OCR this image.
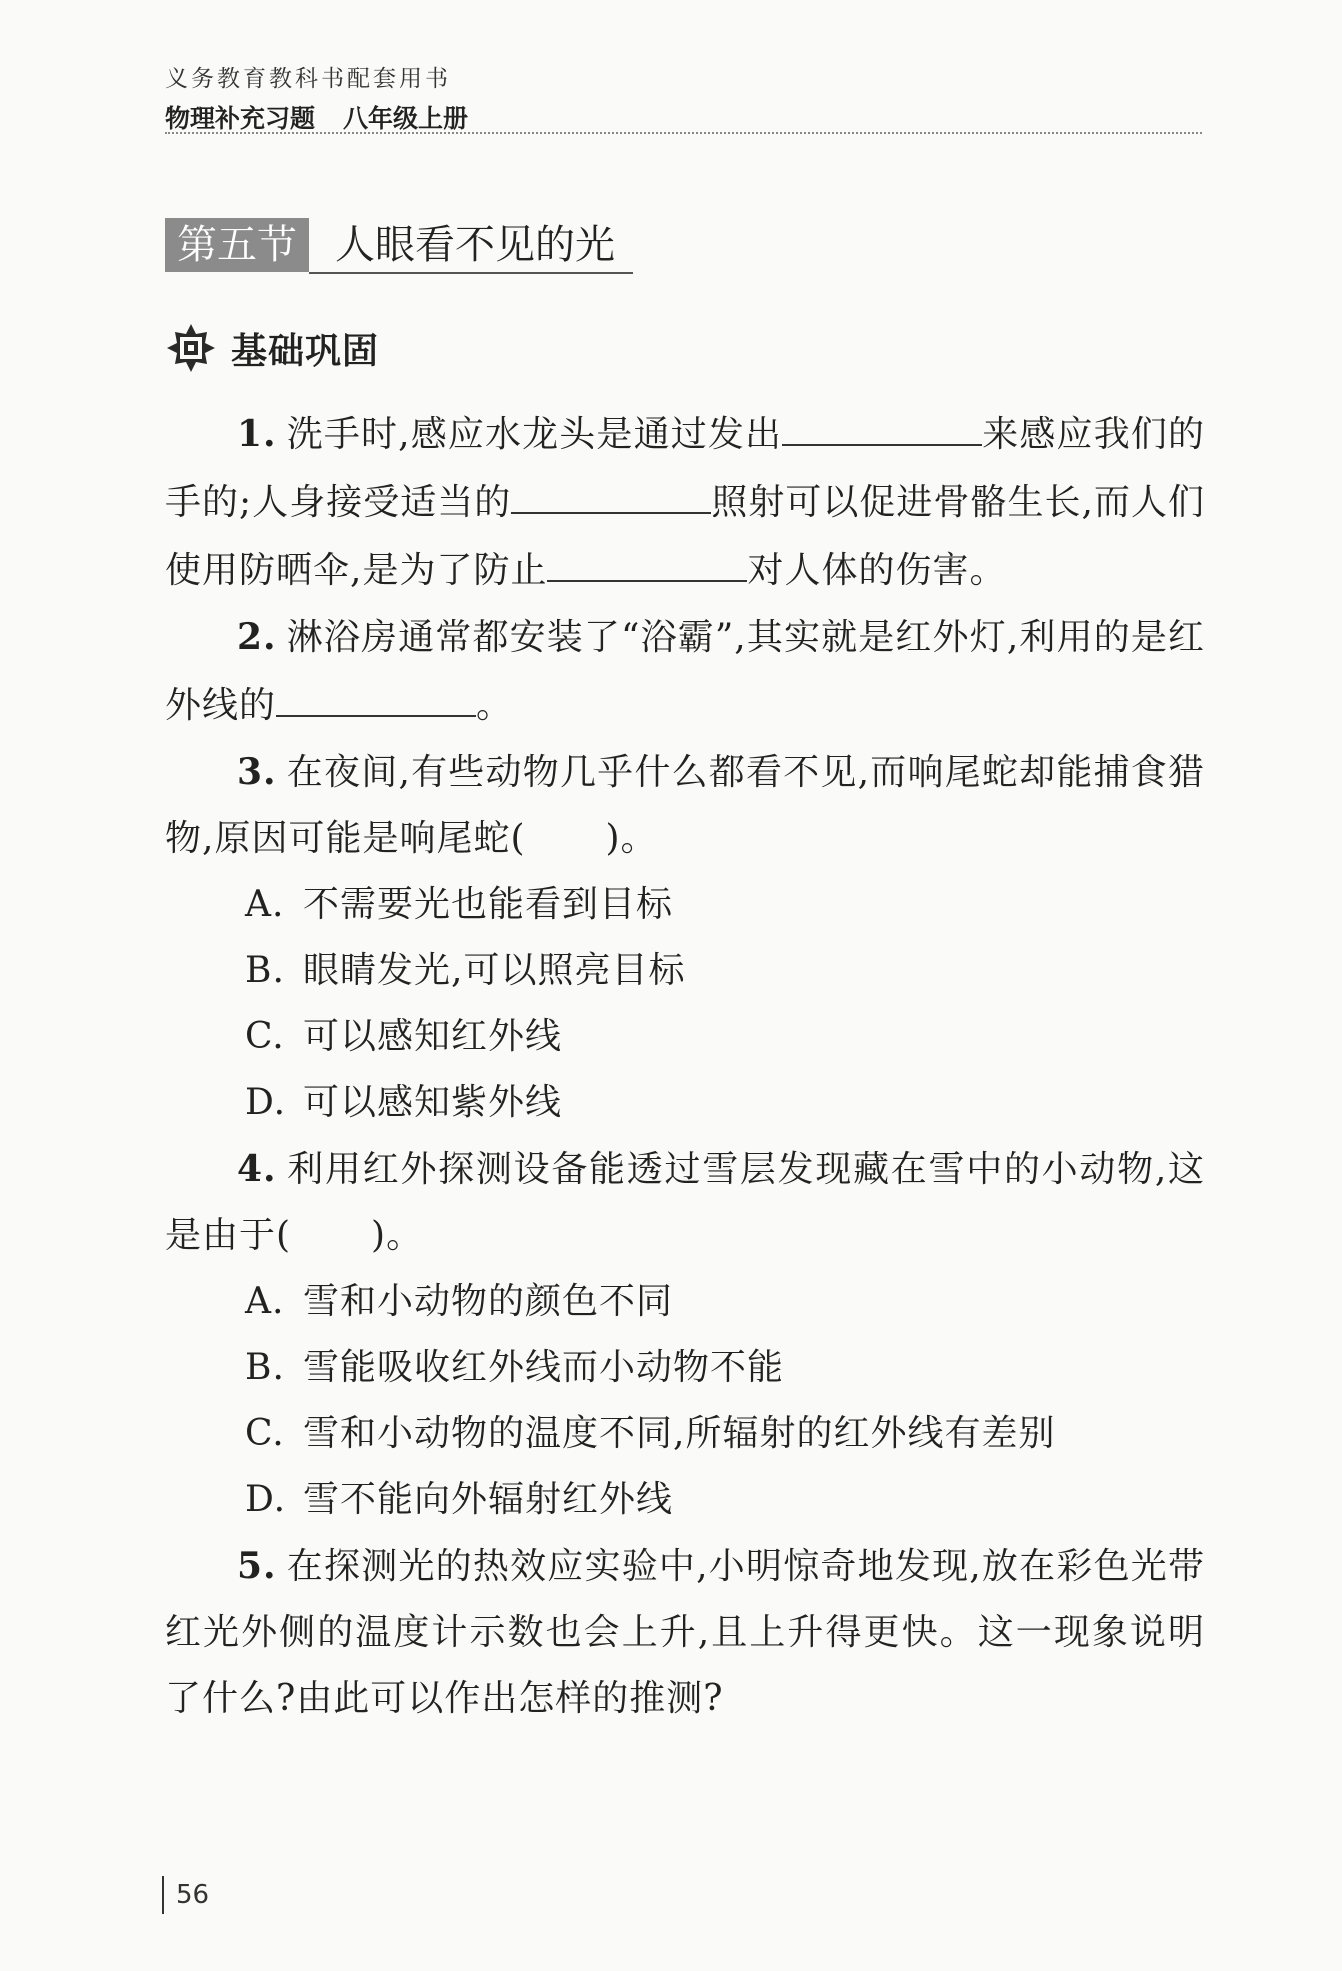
义务教育教科书配套用书
物理补充习题 八年级上册
第五节 人眼看不见的光
基础巩固

1. 洗手时,感应水龙头是通过发出	来感应我们的手的;人身接受适当的	照射可以促进骨骼生长,而人们使用防晒伞,是为了防止	对人体的伤害。

2. 淋浴房通常都安装了“浴霸”,其实就是红外灯,利用的是红外线的	。

3. 在夜间,有些动物几乎什么都看不见,而响尾蛇却能捕食猎物,原因可能是响尾蛇( )。

A. 不需要光也能看到目标

B. 眼睛发光,可以照亮目标

C. 可以感知红外线

D. 可以感知紫外线

4. 利用红外探测设备能透过雪层发现藏在雪中的小动物,这是由于( )。

A. 雪和小动物的颜色不同

B. 雪能吸收红外线而小动物不能

C. 雪和小动物的温度不同,所辐射的红外线有差别

D. 雪不能向外辐射红外线

5. 在探测光的热效应实验中,小明惊奇地发现,放在彩色光带红光外侧的温度计示数也会上升,且上升得更快。这一现象说明了什么?由此可以作出怎样的推测?

56
